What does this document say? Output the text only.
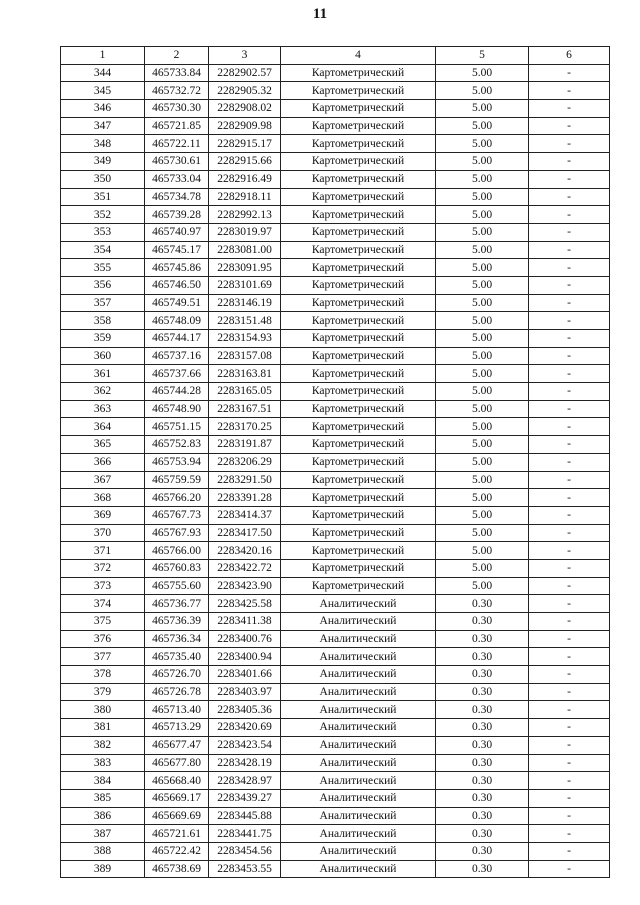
11
1	2	3	4	5	6
344	465733.84	2282902.57	Картометрический	5.00	-
345	465732.72	2282905.32	Картометрический	5.00	-
346	465730.30	2282908.02	Картометрический	5.00	-
347	465721.85	2282909.98	Картометрический	5.00	-
348	465722.11	2282915.17	Картометрический	5.00	-
349	465730.61	2282915.66	Картометрический	5.00	-
350	465733.04	2282916.49	Картометрический	5.00	-
351	465734.78	2282918.11	Картометрический	5.00	-
352	465739.28	2282992.13	Картометрический	5.00	-
353	465740.97	2283019.97	Картометрический	5.00	-
354	465745.17	2283081.00	Картометрический	5.00	-
355	465745.86	2283091.95	Картометрический	5.00	-
356	465746.50	2283101.69	Картометрический	5.00	-
357	465749.51	2283146.19	Картометрический	5.00	-
358	465748.09	2283151.48	Картометрический	5.00	-
359	465744.17	2283154.93	Картометрический	5.00	-
360	465737.16	2283157.08	Картометрический	5.00	-
361	465737.66	2283163.81	Картометрический	5.00	-
362	465744.28	2283165.05	Картометрический	5.00	-
363	465748.90	2283167.51	Картометрический	5.00	-
364	465751.15	2283170.25	Картометрический	5.00	-
365	465752.83	2283191.87	Картометрический	5.00	-
366	465753.94	2283206.29	Картометрический	5.00	-
367	465759.59	2283291.50	Картометрический	5.00	-
368	465766.20	2283391.28	Картометрический	5.00	-
369	465767.73	2283414.37	Картометрический	5.00	-
370	465767.93	2283417.50	Картометрический	5.00	-
371	465766.00	2283420.16	Картометрический	5.00	-
372	465760.83	2283422.72	Картометрический	5.00	-
373	465755.60	2283423.90	Картометрический	5.00	-
374	465736.77	2283425.58	Аналитический	0.30	-
375	465736.39	2283411.38	Аналитический	0.30	-
376	465736.34	2283400.76	Аналитический	0.30	-
377	465735.40	2283400.94	Аналитический	0.30	-
378	465726.70	2283401.66	Аналитический	0.30	-
379	465726.78	2283403.97	Аналитический	0.30	-
380	465713.40	2283405.36	Аналитический	0.30	-
381	465713.29	2283420.69	Аналитический	0.30	-
382	465677.47	2283423.54	Аналитический	0.30	-
383	465677.80	2283428.19	Аналитический	0.30	-
384	465668.40	2283428.97	Аналитический	0.30	-
385	465669.17	2283439.27	Аналитический	0.30	-
386	465669.69	2283445.88	Аналитический	0.30	-
387	465721.61	2283441.75	Аналитический	0.30	-
388	465722.42	2283454.56	Аналитический	0.30	-
389	465738.69	2283453.55	Аналитический	0.30	-
